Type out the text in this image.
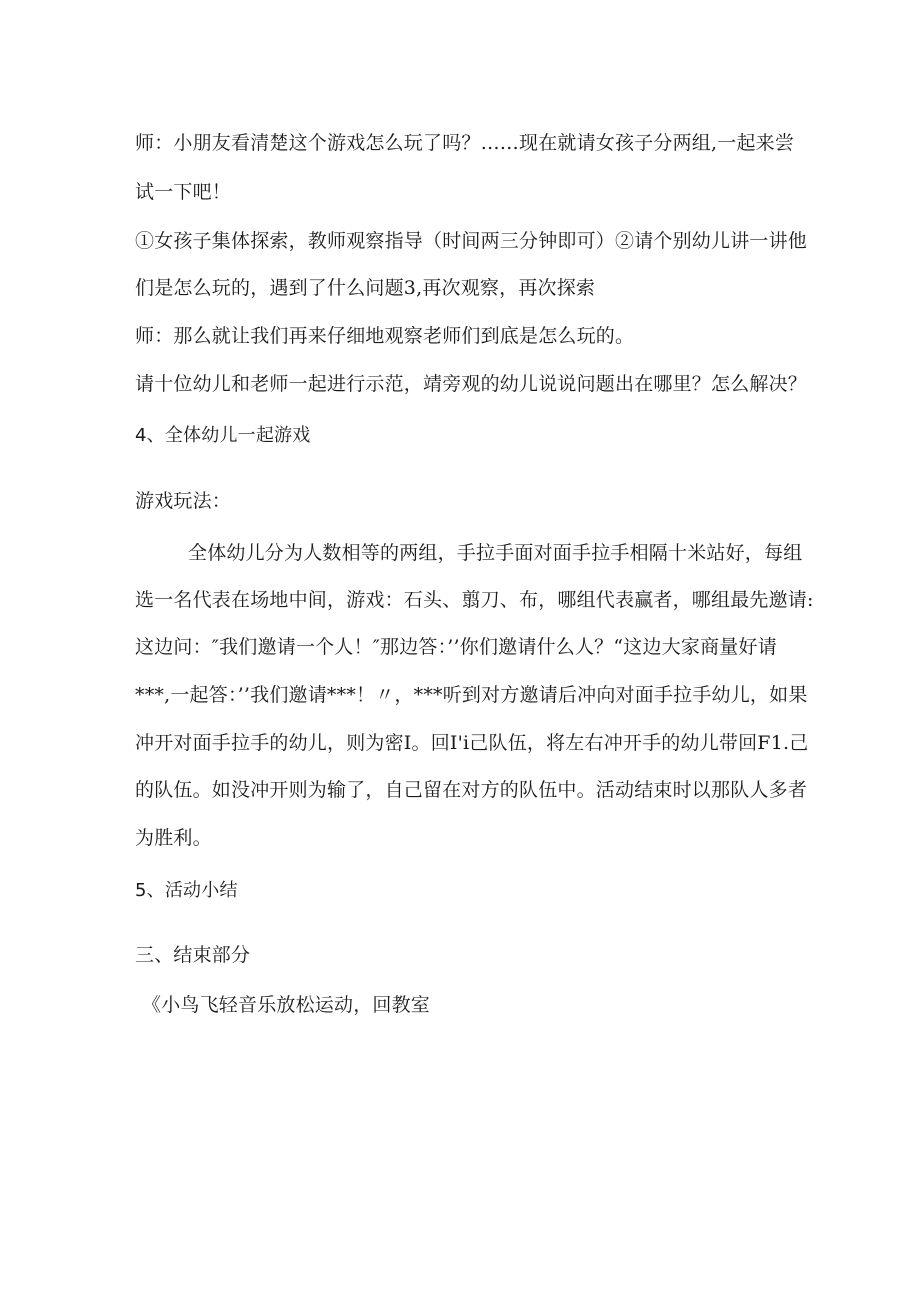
师：小朋友看清楚这个游戏怎么玩了吗？……现在就请女孩子分两组,一起来尝
试一下吧！
①女孩子集体探索，教师观察指导（时间两三分钟即可）②请个别幼儿讲一讲他
们是怎么玩的，遇到了什么问题3,再次观察，再次探索
师：那么就让我们再来仔细地观察老师们到底是怎么玩的。
请十位幼儿和老师一起进行示范，靖旁观的幼儿说说问题出在哪里？怎么解决？
4、全体幼儿一起游戏
游戏玩法：
全体幼儿分为人数相等的两组，手拉手面对面手拉手相隔十米站好，每组
选一名代表在场地中间，游戏：石头、翦刀、布，哪组代表赢者，哪组最先邀请:
这边问：″我们邀请一个人！″那边答：’’你们邀请什么人？“这边大家商量好请
***,一起答：’’我们邀请***！〃，***听到对方邀请后冲向对面手拉手幼儿，如果
冲开对面手拉手的幼儿，则为密I。回I'i己队伍，将左右冲开手的幼儿带回F1.己
的队伍。如没冲开则为输了，自己留在对方的队伍中。活动结束时以那队人多者
为胜利。
5、活动小结
三、结束部分
《小鸟飞轻音乐放松运动，回教室
